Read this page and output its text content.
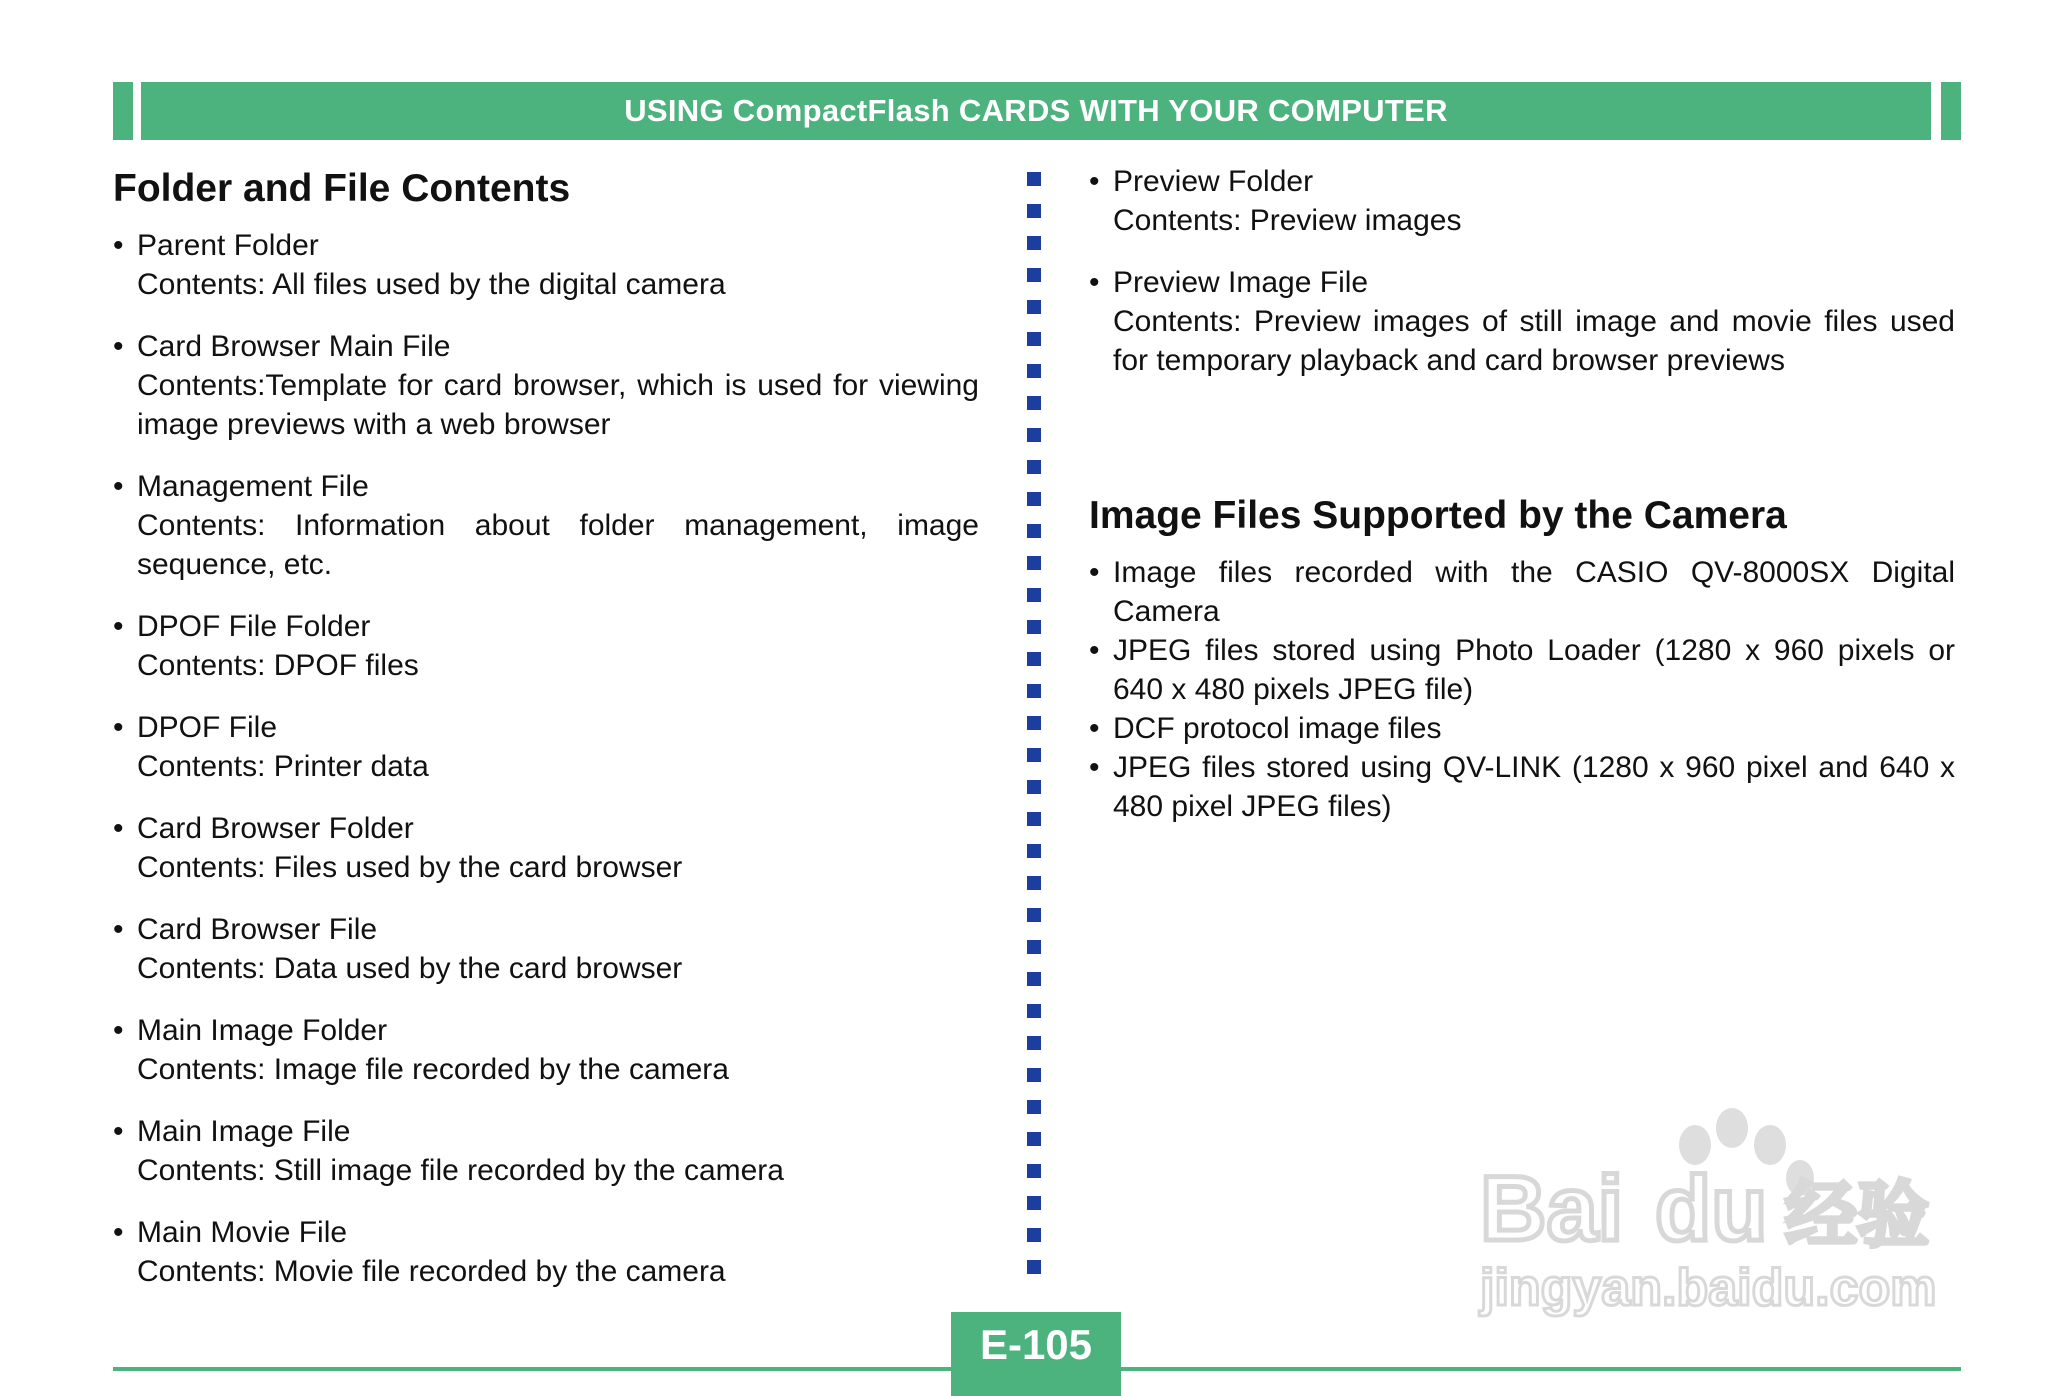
USING CompactFlash CARDS WITH YOUR COMPUTER
Folder and File Contents
• Parent Folder
Contents: All files used by the digital camera
• Card Browser Main File
Contents:Template for card browser, which is used for viewing image previews with a web browser
• Management File
Contents: Information about folder management, image sequence, etc.
• DPOF File Folder
Contents: DPOF files
• DPOF File
Contents: Printer data
• Card Browser Folder
Contents: Files used by the card browser
• Card Browser File
Contents: Data used by the card browser
• Main Image Folder
Contents: Image file recorded by the camera
• Main Image File
Contents: Still image file recorded by the camera
• Main Movie File
Contents: Movie file recorded by the camera
• Preview Folder
Contents: Preview images
• Preview Image File
Contents: Preview images of still image and movie files used for temporary playback and card browser previews
Image Files Supported by the Camera
• Image files recorded with the CASIO QV-8000SX Digital Camera
• JPEG files stored using Photo Loader (1280 x 960 pixels or 640 x 480 pixels JPEG file)
• DCF protocol image files
• JPEG files stored using QV-LINK (1280 x 960 pixel and 640 x 480 pixel JPEG files)
Bai du 经验
jingyan.baidu.com
E-105
